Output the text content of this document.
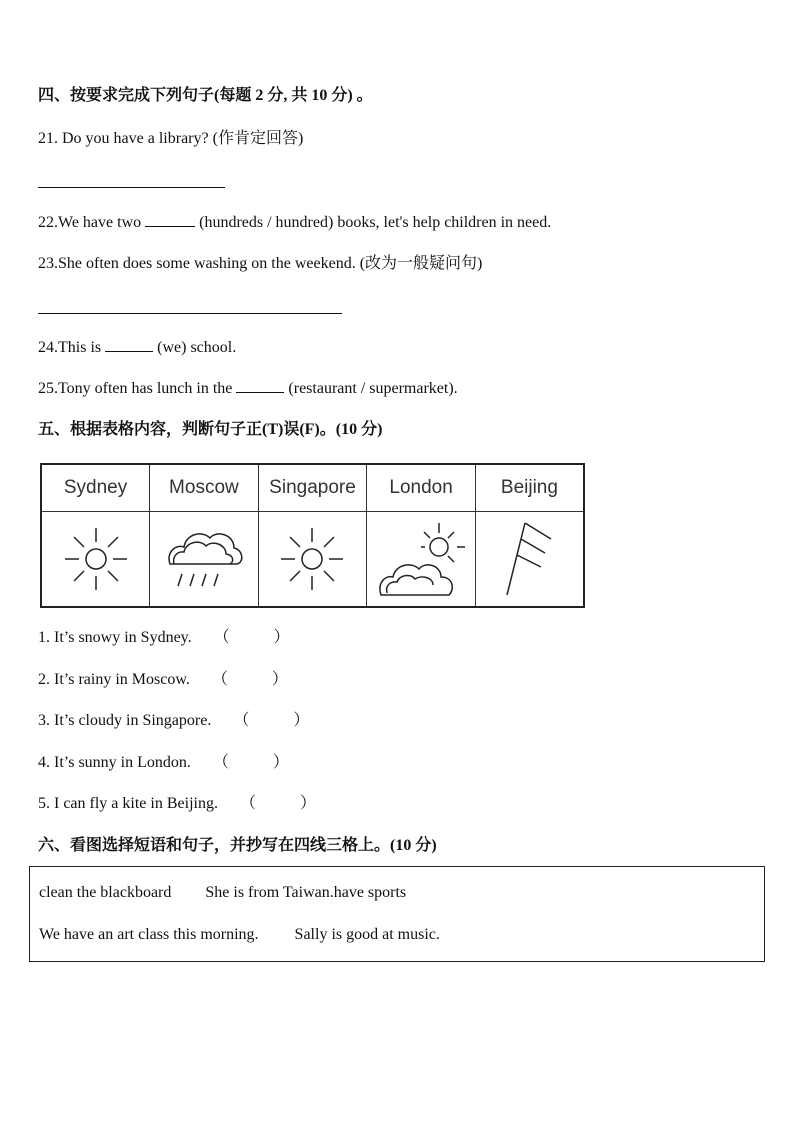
四、按要求完成下列句子(每题 2 分, 共 10 分) 。
21. Do you have a library? (作肯定回答)
22.We have two	(hundreds / hundred) books, let's help children in need.
23.She often does some washing on the weekend. (改为一般疑问句)
24.This is	(we) school.
25.Tony often has lunch in the	(restaurant / supermarket).
五、根据表格内容，判断句子正(T)误(F)。(10 分)
Sydney	Moscow	Singapore	London	Beijing

1. It’s snowy in Sydney. （	）
2. It’s rainy in Moscow. （	）
3. It’s cloudy in Singapore. （	）
4. It’s sunny in London. （	）
5. I can fly a kite in Beijing. （	）
六、看图选择短语和句子，并抄写在四线三格上。(10 分)
clean the blackboard She is from Taiwan.have sports
We have an art class this morning. Sally is good at music.
